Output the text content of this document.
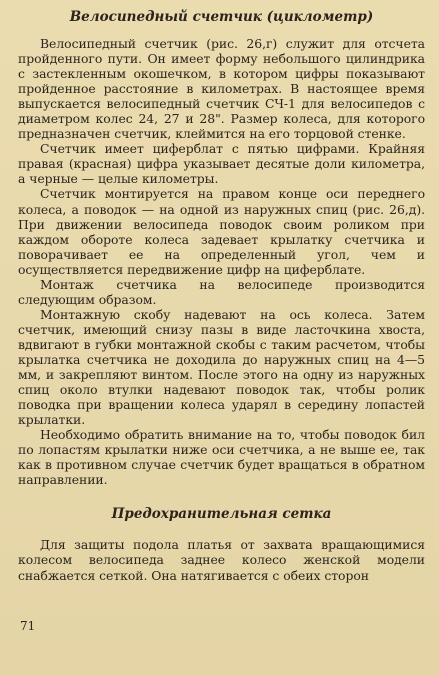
Велосипедный счетчик (циклометр)

Велосипедный счетчик (рис. 26,г) служит для отсчета пройденного пути. Он имеет форму небольшого цилиндрика с застекленным окошечком, в котором цифры показывают пройденное расстояние в километрах. В настоящее время выпускается велосипедный счетчик СЧ-1 для велосипедов с диаметром колес 24, 27 и 28". Размер колеса, для которого предназначен счетчик, клеймится на его торцовой стенке.

Счетчик имеет циферблат с пятью цифрами. Крайняя правая (красная) цифра указывает десятые доли километра, а черные — целые километры.

Счетчик монтируется на правом конце оси переднего колеса, а поводок — на одной из наружных спиц (рис. 26,д). При движении велосипеда поводок своим роликом при каждом обороте колеса задевает крылатку счетчика и поворачивает ее на определенный угол, чем и осуществляется передвижение цифр на циферблате.

Монтаж счетчика на велосипеде производится следующим образом.

Монтажную скобу надевают на ось колеса. Затем счетчик, имеющий снизу пазы в виде ласточкина хвоста, вдвигают в губки монтажной скобы с таким расчетом, чтобы крылатка счетчика не доходила до наружных спиц на 4—5 мм, и закрепляют винтом. После этого на одну из наружных спиц около втулки надевают поводок так, чтобы ролик поводка при вращении колеса ударял в середину лопастей крылатки.

Необходимо обратить внимание на то, чтобы поводок бил по лопастям крылатки ниже оси счетчика, а не выше ее, так как в противном случае счетчик будет вращаться в обратном направлении.

Предохранительная сетка

Для защиты подола платья от захвата вращающимися колесом велосипеда заднее колесо женской модели снабжается сеткой. Она натягивается с обеих сторон

71
